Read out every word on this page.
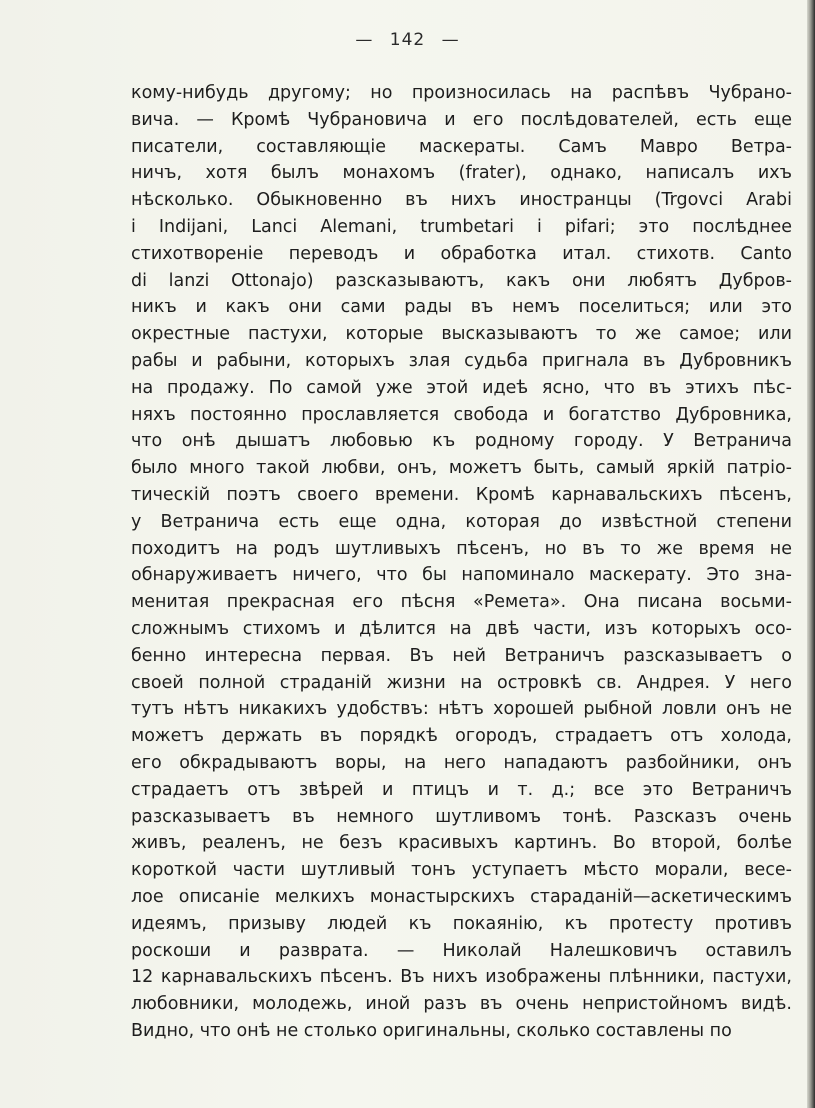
— 142 —
кому-нибудь другому; но произносилась на распѣвъ Чубрано-
вича. — Кромѣ Чубрановича и его послѣдователей, есть еще
писатели, составляющіе маскераты. Самъ Мавро Ветра-
ничъ, хотя былъ монахомъ (frater), однако, написалъ ихъ
нѣсколько. Обыкновенно въ нихъ иностранцы (Trgovci Arabi
i Indijani, Lanci Alemani, trumbetari i pifari; это послѣднее
стихотвореніе переводъ и обработка итал. стихотв. Canto
di lanzi Ottonajo) разсказываютъ, какъ они любятъ Дубров-
никъ и какъ они сами рады въ немъ поселиться; или это
окрестные пастухи, которые высказываютъ то же самое; или
рабы и рабыни, которыхъ злая судьба пригнала въ Дубровникъ
на продажу. По самой уже этой идеѣ ясно, что въ этихъ пѣс-
няхъ постоянно прославляется свобода и богатство Дубровника,
что онѣ дышатъ любовью къ родному городу. У Ветранича
было много такой любви, онъ, можетъ быть, самый яркій патріо-
тическій поэтъ своего времени. Кромѣ карнавальскихъ пѣсенъ,
у Ветранича есть еще одна, которая до извѣстной степени
походитъ на родъ шутливыхъ пѣсенъ, но въ то же время не
обнаруживаетъ ничего, что бы напоминало маскерату. Это зна-
менитая прекрасная его пѣсня «Ремета». Она писана восьми-
сложнымъ стихомъ и дѣлится на двѣ части, изъ которыхъ осо-
бенно интересна первая. Въ ней Ветраничъ разсказываетъ о
своей полной страданій жизни на островкѣ св. Андрея. У него
тутъ нѣтъ никакихъ удобствъ: нѣтъ хорошей рыбной ловли онъ не
можетъ держать въ порядкѣ огородъ, страдаетъ отъ холода,
его обкрадываютъ воры, на него нападаютъ разбойники, онъ
страдаетъ отъ звѣрей и птицъ и т. д.; все это Ветраничъ
разсказываетъ въ немного шутливомъ тонѣ. Разсказъ очень
живъ, реаленъ, не безъ красивыхъ картинъ. Во второй, болѣе
короткой части шутливый тонъ уступаетъ мѣсто морали, весе-
лое описаніе мелкихъ монастырскихъ стараданій—аскетическимъ
идеямъ, призыву людей къ покаянію, къ протесту противъ
роскоши и разврата. — Николай Налешковичъ оставилъ
12 карнавальскихъ пѣсенъ. Въ нихъ изображены плѣнники, пастухи,
любовники, молодежь, иной разъ въ очень непристойномъ видѣ.
Видно, что онѣ не столько оригинальны, сколько составлены по
